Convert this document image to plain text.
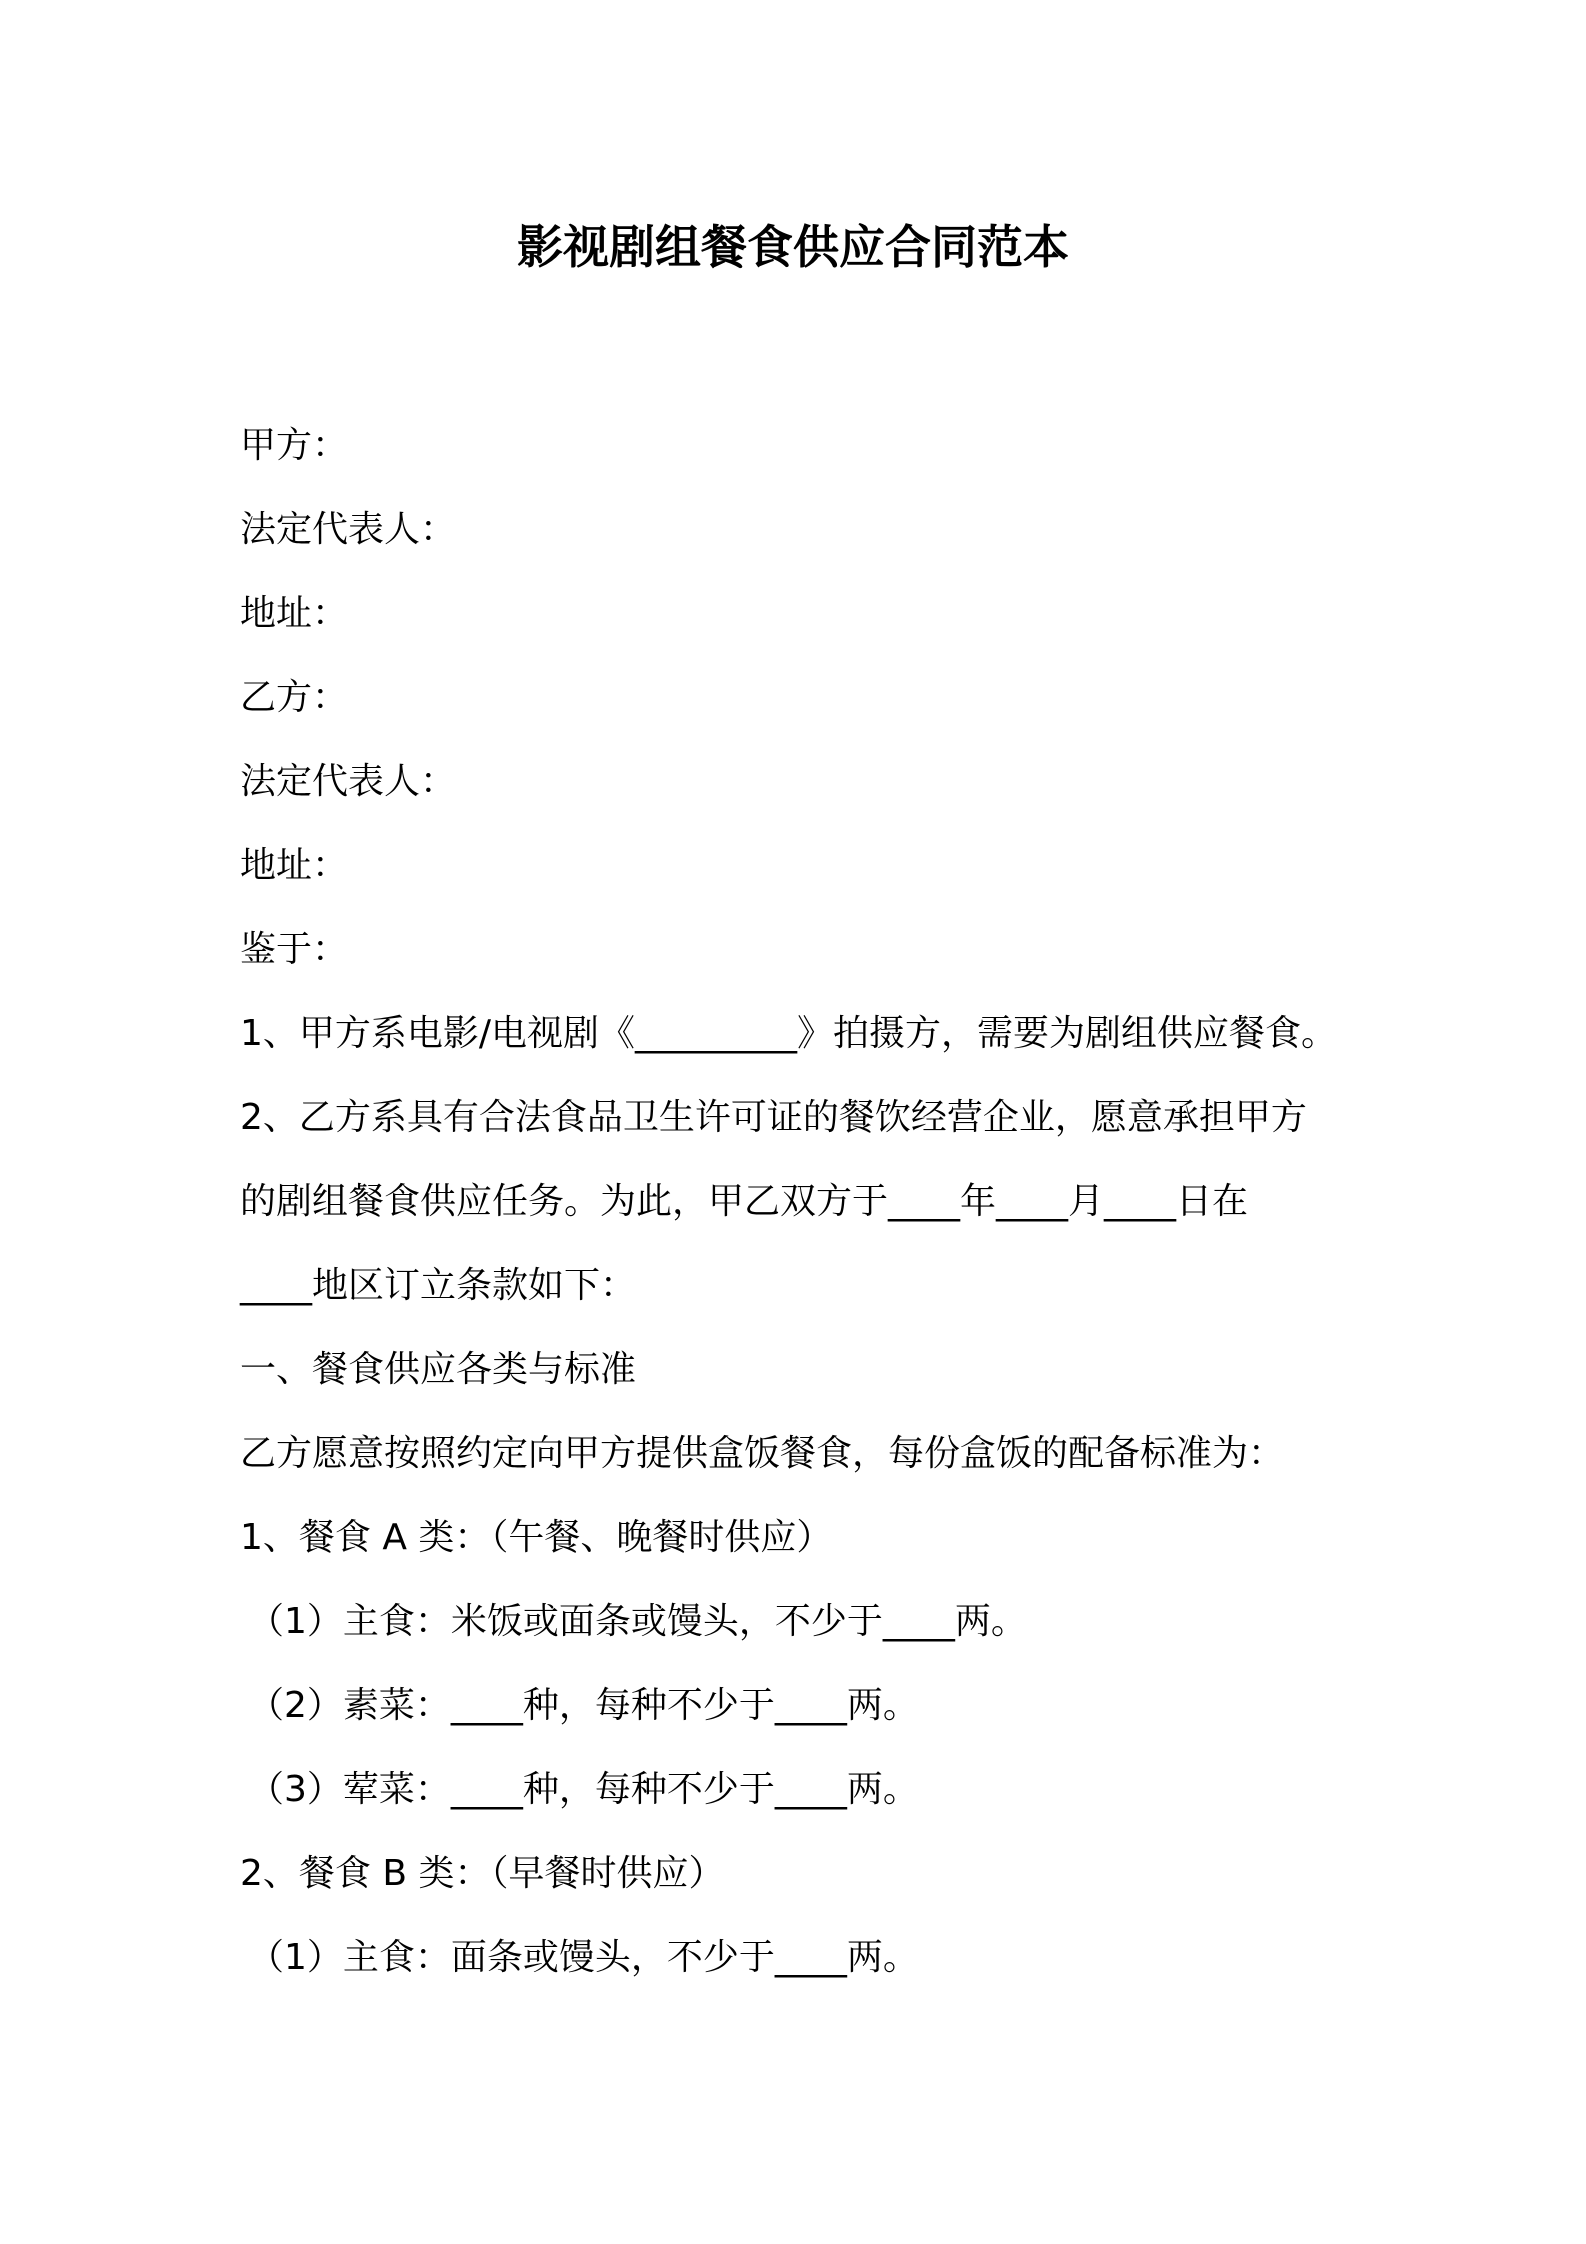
影视剧组餐食供应合同范本
甲方：
法定代表人：
地址：
乙方：
法定代表人：
地址：
鉴于：
1、甲方系电影/电视剧《_________》拍摄方，需要为剧组供应餐食。
2、乙方系具有合法食品卫生许可证的餐饮经营企业，愿意承担甲方
的剧组餐食供应任务。为此，甲乙双方于____年____月____日在
____地区订立条款如下：
一、餐食供应各类与标准
乙方愿意按照约定向甲方提供盒饭餐食，每份盒饭的配备标准为：
1、餐食 A 类：（午餐、晚餐时供应）
（1）主食：米饭或面条或馒头，不少于____两。
（2）素菜：____种，每种不少于____两。
（3）荤菜：____种，每种不少于____两。
2、餐食 B 类：（早餐时供应）
（1）主食：面条或馒头，不少于____两。
